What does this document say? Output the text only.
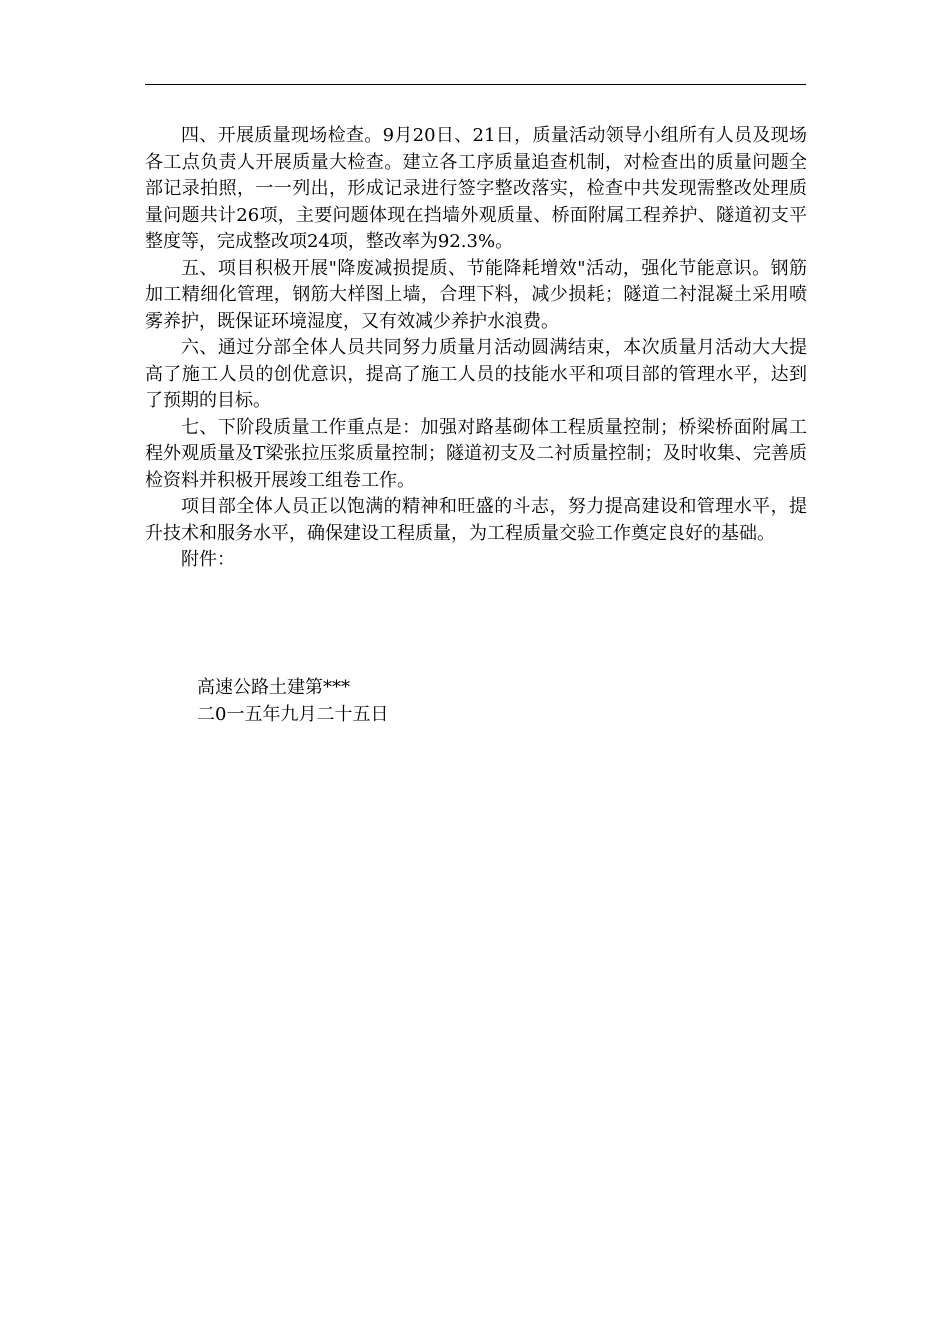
四、开展质量现场检查。9月20日、21日，质量活动领导小组所有人员及现场各工点负责人开展质量大检查。建立各工序质量追查机制，对检查出的质量问题全部记录拍照，一一列出，形成记录进行签字整改落实，检查中共发现需整改处理质量问题共计26项，主要问题体现在挡墙外观质量、桥面附属工程养护、隧道初支平整度等，完成整改项24项，整改率为92.3%。

五、项目积极开展"降废减损提质、节能降耗增效"活动，强化节能意识。钢筋加工精细化管理，钢筋大样图上墙，合理下料，减少损耗；隧道二衬混凝土采用喷雾养护，既保证环境湿度，又有效减少养护水浪费。

六、通过分部全体人员共同努力质量月活动圆满结束，本次质量月活动大大提高了施工人员的创优意识，提高了施工人员的技能水平和项目部的管理水平，达到了预期的目标。

七、下阶段质量工作重点是：加强对路基砌体工程质量控制；桥梁桥面附属工程外观质量及T梁张拉压浆质量控制；隧道初支及二衬质量控制；及时收集、完善质检资料并积极开展竣工组卷工作。

项目部全体人员正以饱满的精神和旺盛的斗志，努力提高建设和管理水平，提升技术和服务水平，确保建设工程质量，为工程质量交验工作奠定良好的基础。

附件：

高速公路土建第***
二0一五年九月二十五日
